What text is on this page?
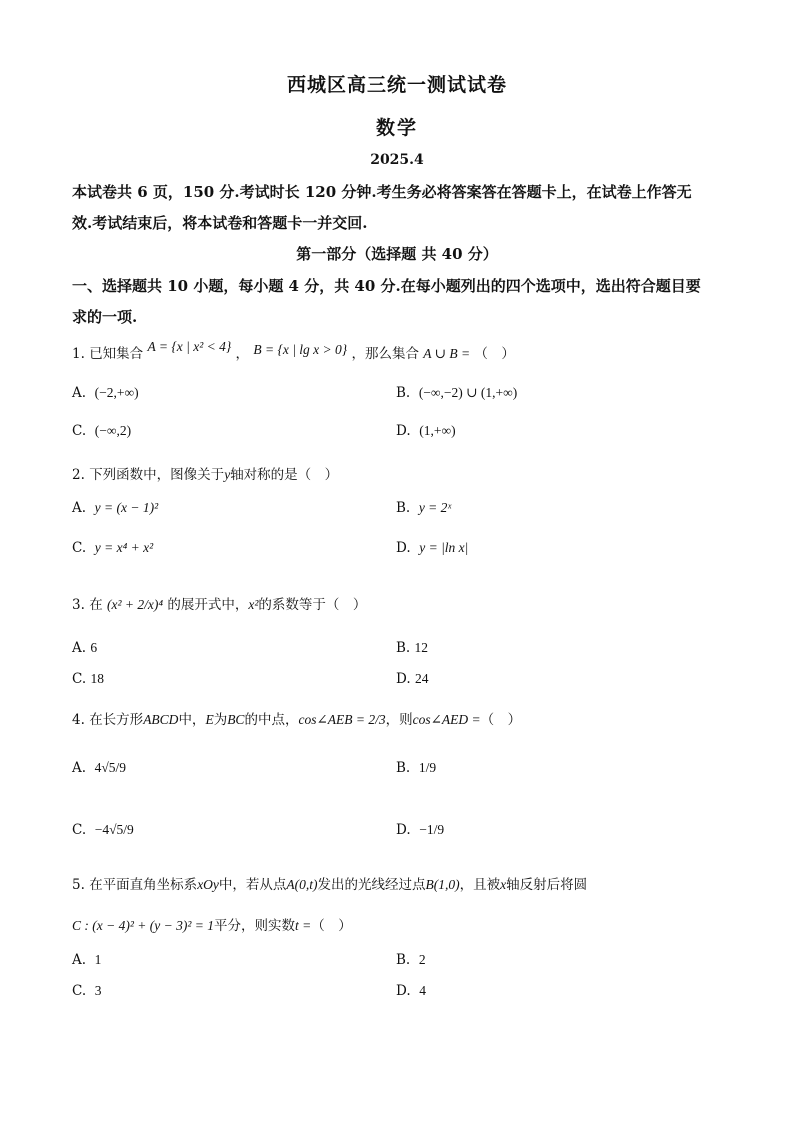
西城区高三统一测试试卷
数学
2025.4
本试卷共 6 页，150 分.考试时长 120 分钟.考生务必将答案答在答题卡上，在试卷上作答无
效.考试结束后，将本试卷和答题卡一并交回.
第一部分（选择题 共 40 分）
一、选择题共 10 小题，每小题 4 分，共 40 分.在每小题列出的四个选项中，选出符合题目要
求的一项.
1. 已知集合 A = {x | x² < 4} ， B = {x | lg x > 0} ，那么集合 A ∪ B = （　）
A. (−2,+∞)	B. (−∞,−2) ∪ (1,+∞)
C. (−∞,2)	D. (1,+∞)
2. 下列函数中，图像关于y轴对称的是（　）
A. y = (x − 1)²	B. y = 2ˣ
C. y = x⁴ + x²	D. y = |ln x|
3. 在 (x² + 2/x)⁴ 的展开式中，x²的系数等于（　）
A. 6	B. 12
C. 18	D. 24
4. 在长方形ABCD中，E为BC的中点，cos∠AEB = 2/3，则cos∠AED =（　）
A. 4√5/9	B. 1/9
C. −4√5/9	D. −1/9
5. 在平面直角坐标系xOy中，若从点A(0,t)发出的光线经过点B(1,0)，且被x轴反射后将圆
C : (x − 4)² + (y − 3)² = 1平分，则实数t =（　）
A. 1	B. 2
C. 3	D. 4
